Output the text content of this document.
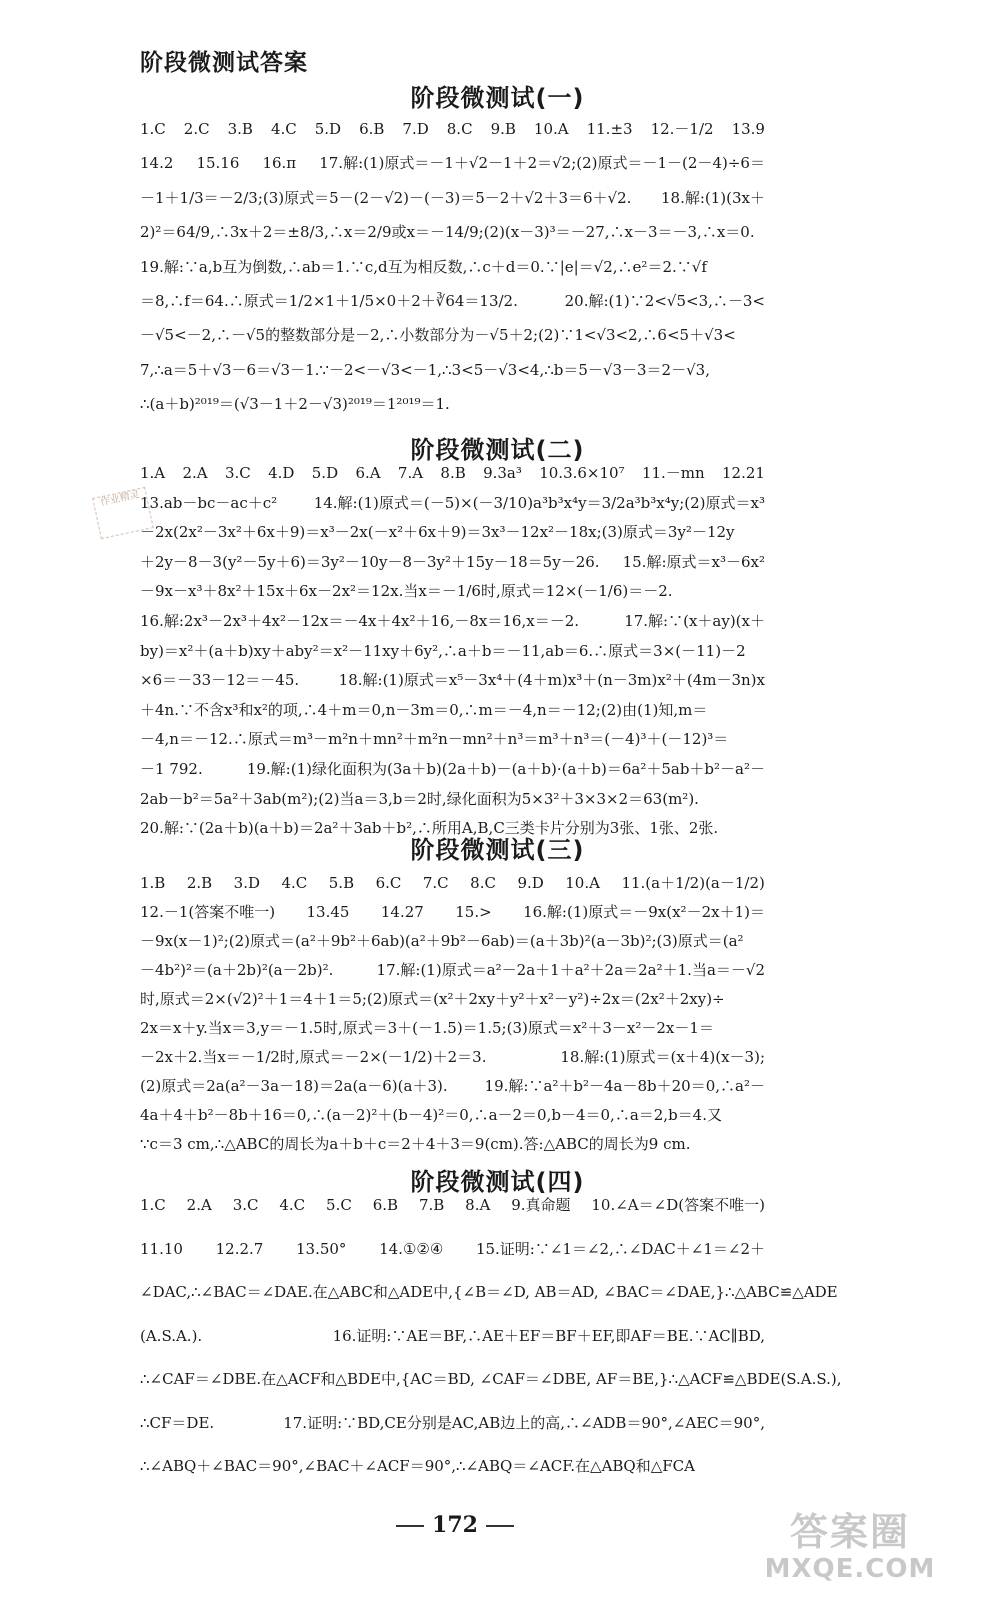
阶段微测试答案
阶段微测试(一)
1.C 2.C 3.B 4.C 5.D 6.B 7.D 8.C 9.B 10.A 11.±3 12.－1/2 13.9
14.2 15.16 16.π 17.解:(1)原式＝－1＋√2－1＋2＝√2;(2)原式＝－1－(2－4)÷6＝
－1＋1/3＝－2/3;(3)原式＝5－(2－√2)－(－3)＝5－2＋√2＋3＝6＋√2. 18.解:(1)(3x＋
2)²＝64/9,∴3x＋2＝±8/3,∴x＝2/9或x＝－14/9;(2)(x－3)³＝－27,∴x－3＝－3,∴x＝0.
19.解:∵a,b互为倒数,∴ab＝1.∵c,d互为相反数,∴c＋d＝0.∵|e|＝√2,∴e²＝2.∵√f
＝8,∴f＝64.∴原式＝1/2×1＋1/5×0＋2＋∛64＝13/2.	20.解:(1)∵2<√5<3,∴－3<
－√5<－2,∴－√5的整数部分是－2,∴小数部分为－√5＋2;(2)∵1<√3<2,∴6<5＋√3<
7,∴a＝5＋√3－6＝√3－1.∵－2<－√3<－1,∴3<5－√3<4,∴b＝5－√3－3＝2－√3,
∴(a＋b)²⁰¹⁹＝(√3－1＋2－√3)²⁰¹⁹＝1²⁰¹⁹＝1.
阶段微测试(二)
1.A 2.A 3.C 4.D 5.D 6.A 7.A 8.B 9.3a³ 10.3.6×10⁷ 11.－mn 12.21
13.ab－bc－ac＋c² 14.解:(1)原式＝(－5)×(－3/10)a³b³x⁴y＝3/2a³b³x⁴y;(2)原式＝x³
－2x(2x²－3x²＋6x＋9)＝x³－2x(－x²＋6x＋9)＝3x³－12x²－18x;(3)原式＝3y²－12y
＋2y－8－3(y²－5y＋6)＝3y²－10y－8－3y²＋15y－18＝5y－26. 15.解:原式＝x³－6x²
－9x－x³＋8x²＋15x＋6x－2x²＝12x.当x＝－1/6时,原式＝12×(－1/6)＝－2.
16.解:2x³－2x³＋4x²－12x＝－4x＋4x²＋16,－8x＝16,x＝－2.	17.解:∵(x＋ay)(x＋
by)＝x²＋(a＋b)xy＋aby²＝x²－11xy＋6y²,∴a＋b＝－11,ab＝6.∴原式＝3×(－11)－2
×6＝－33－12＝－45.	18.解:(1)原式＝x⁵－3x⁴＋(4＋m)x³＋(n－3m)x²＋(4m－3n)x
＋4n.∵不含x³和x²的项,∴4＋m＝0,n－3m＝0,∴m＝－4,n＝－12;(2)由(1)知,m＝
－4,n＝－12.∴原式＝m³－m²n＋mn²＋m²n－mn²＋n³＝m³＋n³＝(－4)³＋(－12)³＝
－1 792.	19.解:(1)绿化面积为(3a＋b)(2a＋b)－(a＋b)·(a＋b)＝6a²＋5ab＋b²－a²－
2ab－b²＝5a²＋3ab(m²);(2)当a＝3,b＝2时,绿化面积为5×3²＋3×3×2＝63(m²).
20.解:∵(2a＋b)(a＋b)＝2a²＋3ab＋b²,∴所用A,B,C三类卡片分别为3张、1张、2张.
阶段微测试(三)
1.B 2.B 3.D 4.C 5.B 6.C 7.C 8.C 9.D 10.A 11.(a＋1/2)(a－1/2)
12.－1(答案不唯一) 13.45 14.27 15.> 16.解:(1)原式＝－9x(x²－2x＋1)＝
－9x(x－1)²;(2)原式＝(a²＋9b²＋6ab)(a²＋9b²－6ab)＝(a＋3b)²(a－3b)²;(3)原式＝(a²
－4b²)²＝(a＋2b)²(a－2b)².	17.解:(1)原式＝a²－2a＋1＋a²＋2a＝2a²＋1.当a＝－√2
时,原式＝2×(√2)²＋1＝4＋1＝5;(2)原式＝(x²＋2xy＋y²＋x²－y²)÷2x＝(2x²＋2xy)÷
2x＝x＋y.当x＝3,y＝－1.5时,原式＝3＋(－1.5)＝1.5;(3)原式＝x²＋3－x²－2x－1＝
－2x＋2.当x＝－1/2时,原式＝－2×(－1/2)＋2＝3.	18.解:(1)原式＝(x＋4)(x－3);
(2)原式＝2a(a²－3a－18)＝2a(a－6)(a＋3). 19.解:∵a²＋b²－4a－8b＋20＝0,∴a²－
4a＋4＋b²－8b＋16＝0,∴(a－2)²＋(b－4)²＝0,∴a－2＝0,b－4＝0,∴a＝2,b＝4.又
∵c＝3 cm,∴△ABC的周长为a＋b＋c＝2＋4＋3＝9(cm).答:△ABC的周长为9 cm.
阶段微测试(四)
1.C 2.A 3.C 4.C 5.C 6.B 7.B 8.A 9.真命题 10.∠A＝∠D(答案不唯一)
11.10 12.2.7 13.50° 14.①②④ 15.证明:∵∠1＝∠2,∴∠DAC＋∠1＝∠2＋
∠DAC,∴∠BAC＝∠DAE.在△ABC和△ADE中,{∠B＝∠D, AB＝AD, ∠BAC＝∠DAE,}∴△ABC≌△ADE
(A.S.A.).	16.证明:∵AE＝BF,∴AE＋EF＝BF＋EF,即AF＝BE.∵AC∥BD,
∴∠CAF＝∠DBE.在△ACF和△BDE中,{AC＝BD, ∠CAF＝∠DBE, AF＝BE,}∴△ACF≌△BDE(S.A.S.),
∴CF＝DE.	17.证明:∵BD,CE分别是AC,AB边上的高,∴∠ADB＝90°,∠AEC＝90°,
∴∠ABQ＋∠BAC＝90°,∠BAC＋∠ACF＝90°,∴∠ABQ＝∠ACF.在△ABQ和△FCA
作业精灵
172	答案圈
MXQE.COM
